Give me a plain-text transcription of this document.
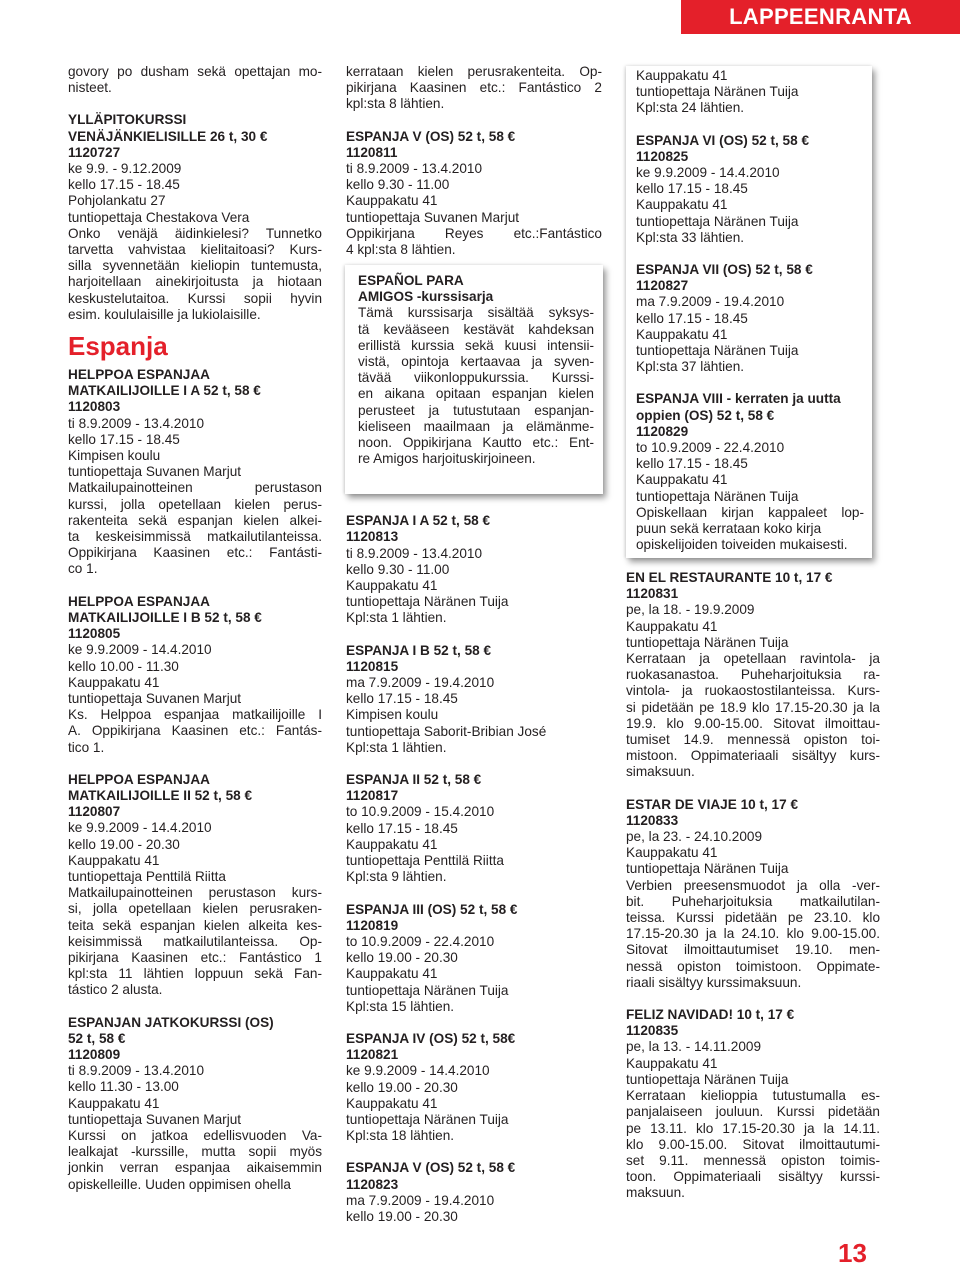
LAPPEENRANTA
govory po dusham sekä opettajan mo-
nisteet.
YLLÄPITOKURSSI
VENÄJÄNKIELISILLE 26 t, 30 €
1120727
ke 9.9. - 9.12.2009
kello 17.15 - 18.45
Pohjolankatu 27
tuntiopettaja Chestakova Vera
Onko venäjä äidinkielesi? Tunnetko
tarvetta vahvistaa kielitaitoasi? Kurs-
silla syvennetään kieliopin tuntemusta,
harjoitellaan ainekirjoitusta ja hiotaan
keskustelutaitoa. Kurssi sopii hyvin
esim. koululaisille ja lukiolaisille.
Espanja
HELPPOA ESPANJAA
MATKAILIJOILLE I A 52 t, 58 €
1120803
ti 8.9.2009 - 13.4.2010
kello 17.15 - 18.45
Kimpisen koulu
tuntiopettaja Suvanen Marjut
Matkailupainotteinen perustason
kurssi, jolla opetellaan kielen perus-
rakenteita sekä espanjan kielen alkei-
ta keskeisimmissä matkailutilanteissa.
Oppikirjana Kaasinen etc.: Fantásti-
co 1.
HELPPOA ESPANJAA
MATKAILIJOILLE I B 52 t, 58 €
1120805
ke 9.9.2009 - 14.4.2010
kello 10.00 - 11.30
Kauppakatu 41
tuntiopettaja Suvanen Marjut
Ks. Helppoa espanjaa matkailijoille I
A. Oppikirjana Kaasinen etc.: Fantás-
tico 1.
HELPPOA ESPANJAA
MATKAILIJOILLE II 52 t, 58 €
1120807
ke 9.9.2009 - 14.4.2010
kello 19.00 - 20.30
Kauppakatu 41
tuntiopettaja Penttilä Riitta
Matkailupainotteinen perustason kurs-
si, jolla opetellaan kielen perusraken-
teita sekä espanjan kielen alkeita kes-
keisimmissä matkailutilanteissa. Op-
pikirjana Kaasinen etc.: Fantástico 1
kpl:sta 11 lähtien loppuun sekä Fan-
tástico 2 alusta.
ESPANJAN JATKOKURSSI (OS)
52 t, 58 €
1120809
ti 8.9.2009 - 13.4.2010
kello 11.30 - 13.00
Kauppakatu 41
tuntiopettaja Suvanen Marjut
Kurssi on jatkoa edellisvuoden Va-
lealkajat -kurssille, mutta sopii myös
jonkin verran espanjaa aikaisemmin
opiskelleille. Uuden oppimisen ohella
kerrataan kielen perusrakenteita. Op-
pikirjana Kaasinen etc.: Fantástico 2
kpl:sta 8 lähtien.
ESPANJA V (OS) 52 t, 58 €
1120811
ti 8.9.2009 - 13.4.2010
kello 9.30 - 11.00
Kauppakatu 41
tuntiopettaja Suvanen Marjut
Oppikirjana Reyes etc.:Fantástico
4 kpl:sta 8 lähtien.
ESPANJA I A 52 t, 58 €
1120813
ti 8.9.2009 - 13.4.2010
kello 9.30 - 11.00
Kauppakatu 41
tuntiopettaja Näränen Tuija
Kpl:sta 1 lähtien.
ESPANJA I B 52 t, 58 €
1120815
ma 7.9.2009 - 19.4.2010
kello 17.15 - 18.45
Kimpisen koulu
tuntiopettaja Saborit-Bribian José
Kpl:sta 1 lähtien.
ESPANJA II 52 t, 58 €
1120817
to 10.9.2009 - 15.4.2010
kello 17.15 - 18.45
Kauppakatu 41
tuntiopettaja Penttilä Riitta
Kpl:sta 9 lähtien.
ESPANJA III (OS) 52 t, 58 €
1120819
to 10.9.2009 - 22.4.2010
kello 19.00 - 20.30
Kauppakatu 41
tuntiopettaja Näränen Tuija
Kpl:sta 15 lähtien.
ESPANJA IV (OS) 52 t, 58€
1120821
ke 9.9.2009 - 14.4.2010
kello 19.00 - 20.30
Kauppakatu 41
tuntiopettaja Näränen Tuija
Kpl:sta 18 lähtien.
ESPANJA V (OS) 52 t, 58 €
1120823
ma 7.9.2009 - 19.4.2010
kello 19.00 - 20.30
ESPAÑOL PARA
AMIGOS -kurssisarja
Tämä kurssisarja sisältää syksys-
tä kevääseen kestävät kahdeksan
erillistä kurssia sekä kuusi intensii-
vistä, opintoja kertaavaa ja syven-
tävää viikonloppukurssia. Kurssi-
en aikana opitaan espanjan kielen
perusteet ja tutustutaan espanjan-
kieliseen maailmaan ja elämänme-
noon. Oppikirjana Kautto etc.: Ent-
re Amigos harjoituskirjoineen.
Kauppakatu 41
tuntiopettaja Näränen Tuija
Kpl:sta 24 lähtien.
ESPANJA VI (OS) 52 t, 58 €
1120825
ke 9.9.2009 - 14.4.2010
kello 17.15 - 18.45
Kauppakatu 41
tuntiopettaja Näränen Tuija
Kpl:sta 33 lähtien.
ESPANJA VII (OS) 52 t, 58 €
1120827
ma 7.9.2009 - 19.4.2010
kello 17.15 - 18.45
Kauppakatu 41
tuntiopettaja Näränen Tuija
Kpl:sta 37 lähtien.
ESPANJA VIII - kerraten ja uutta
oppien (OS) 52 t, 58 €
1120829
to 10.9.2009 - 22.4.2010
kello 17.15 - 18.45
Kauppakatu 41
tuntiopettaja Näränen Tuija
Opiskellaan kirjan kappaleet lop-
puun sekä kerrataan koko kirja
opiskelijoiden toiveiden mukaisesti.
EN EL RESTAURANTE 10 t, 17 €
1120831
pe, la 18. - 19.9.2009
Kauppakatu 41
tuntiopettaja Näränen Tuija
Kerrataan ja opetellaan ravintola- ja
ruokasanastoa. Puheharjoituksia ra-
vintola- ja ruokaostostilanteissa. Kurs-
si pidetään pe 18.9 klo 17.15-20.30 ja la
19.9. klo 9.00-15.00. Sitovat ilmoittau-
tumiset 14.9. mennessä opiston toi-
mistoon. Oppimateriaali sisältyy kurs-
simaksuun.
ESTAR DE VIAJE 10 t, 17 €
1120833
pe, la 23. - 24.10.2009
Kauppakatu 41
tuntiopettaja Näränen Tuija
Verbien preesensmuodot ja olla -ver-
bit. Puheharjoituksia matkailutilan-
teissa. Kurssi pidetään pe 23.10. klo
17.15-20.30 ja la 24.10. klo 9.00-15.00.
Sitovat ilmoittautumiset 19.10. men-
nessä opiston toimistoon. Oppimate-
riaali sisältyy kurssimaksuun.
FELIZ NAVIDAD! 10 t, 17 €
1120835
pe, la 13. - 14.11.2009
Kauppakatu 41
tuntiopettaja Näränen Tuija
Kerrataan kielioppia tutustumalla es-
panjalaiseen jouluun. Kurssi pidetään
pe 13.11. klo 17.15-20.30 ja la 14.11.
klo 9.00-15.00. Sitovat ilmoittautumi-
set 9.11. mennessä opiston toimis-
toon. Oppimateriaali sisältyy kurssi-
maksuun.
13
